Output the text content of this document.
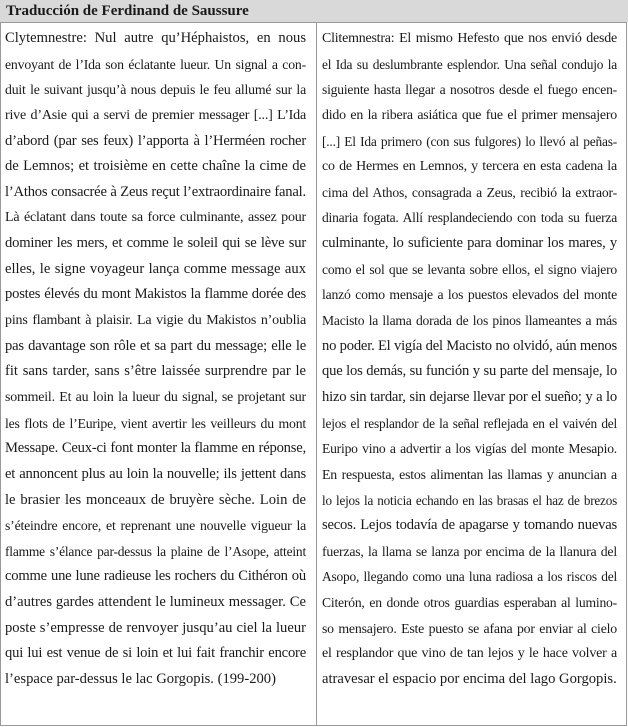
Traducción de Ferdinand de Saussure
Clytemnestre: Nul autre qu’Héphaistos, en nous
envoyant de l’Ida son éclatante lueur. Un signal a con-
duit le suivant jusqu’à nous depuis le feu allumé sur la
rive d’Asie qui a servi de premier messager [...] L’Ida
d’abord (par ses feux) l’apporta à l’Herméen rocher
de Lemnos; et troisième en cette chaîne la cime de
l’Athos consacrée à Zeus reçut l’extraordinaire fanal.
Là éclatant dans toute sa force culminante, assez pour
dominer les mers, et comme le soleil qui se lève sur
elles, le signe voyageur lança comme message aux
postes élevés du mont Makistos la flamme dorée des
pins flambant à plaisir. La vigie du Makistos n’oublia
pas davantage son rôle et sa part du message; elle le
fit sans tarder, sans s’être laissée surprendre par le
sommeil. Et au loin la lueur du signal, se projetant sur
les flots de l’Euripe, vient avertir les veilleurs du mont
Messape. Ceux-ci font monter la flamme en réponse,
et annoncent plus au loin la nouvelle; ils jettent dans
le brasier les monceaux de bruyère sèche. Loin de
s’éteindre encore, et reprenant une nouvelle vigueur la
flamme s’élance par-dessus la plaine de l’Asope, atteint
comme une lune radieuse les rochers du Cithéron où
d’autres gardes attendent le lumineux messager. Ce
poste s’empresse de renvoyer jusqu’au ciel la lueur
qui lui est venue de si loin et lui fait franchir encore
l’espace par-dessus le lac Gorgopis. (199-200)
Clitemnestra: El mismo Hefesto que nos envió desde
el Ida su deslumbrante esplendor. Una señal condujo la
siguiente hasta llegar a nosotros desde el fuego encen-
dido en la ribera asiática que fue el primer mensajero
[...] El Ida primero (con sus fulgores) lo llevó al peñas-
co de Hermes en Lemnos, y tercera en esta cadena la
cima del Athos, consagrada a Zeus, recibió la extraor-
dinaria fogata. Allí resplandeciendo con toda su fuerza
culminante, lo suficiente para dominar los mares, y
como el sol que se levanta sobre ellos, el signo viajero
lanzó como mensaje a los puestos elevados del monte
Macisto la llama dorada de los pinos llameantes a más
no poder. El vigía del Macisto no olvidó, aún menos
que los demás, su función y su parte del mensaje, lo
hizo sin tardar, sin dejarse llevar por el sueño; y a lo
lejos el resplandor de la señal reflejada en el vaivén del
Euripo vino a advertir a los vigías del monte Mesapio.
En respuesta, estos alimentan las llamas y anuncian a
lo lejos la noticia echando en las brasas el haz de brezos
secos. Lejos todavía de apagarse y tomando nuevas
fuerzas, la llama se lanza por encima de la llanura del
Asopo, llegando como una luna radiosa a los riscos del
Citerón, en donde otros guardias esperaban al lumino-
so mensajero. Este puesto se afana por enviar al cielo
el resplandor que vino de tan lejos y le hace volver a
atravesar el espacio por encima del lago Gorgopis.
